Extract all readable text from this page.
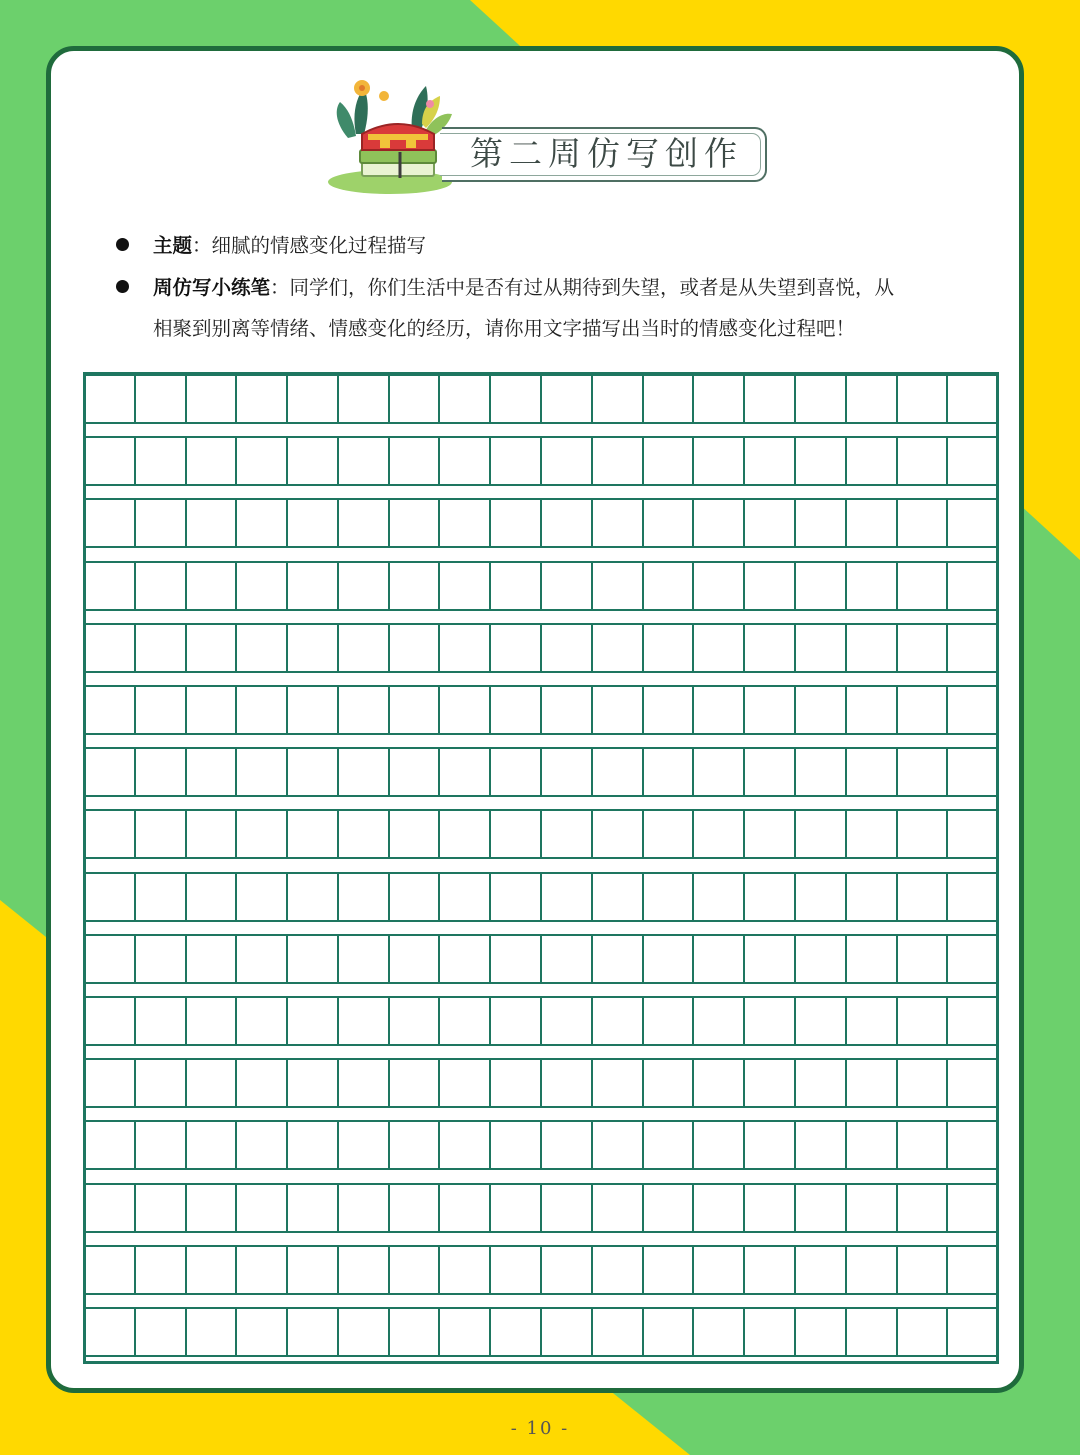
第二周仿写创作
主题：细腻的情感变化过程描写
周仿写小练笔：同学们，你们生活中是否有过从期待到失望，或者是从失望到喜悦，从
相聚到别离等情绪、情感变化的经历，请你用文字描写出当时的情感变化过程吧！
- 10 -
